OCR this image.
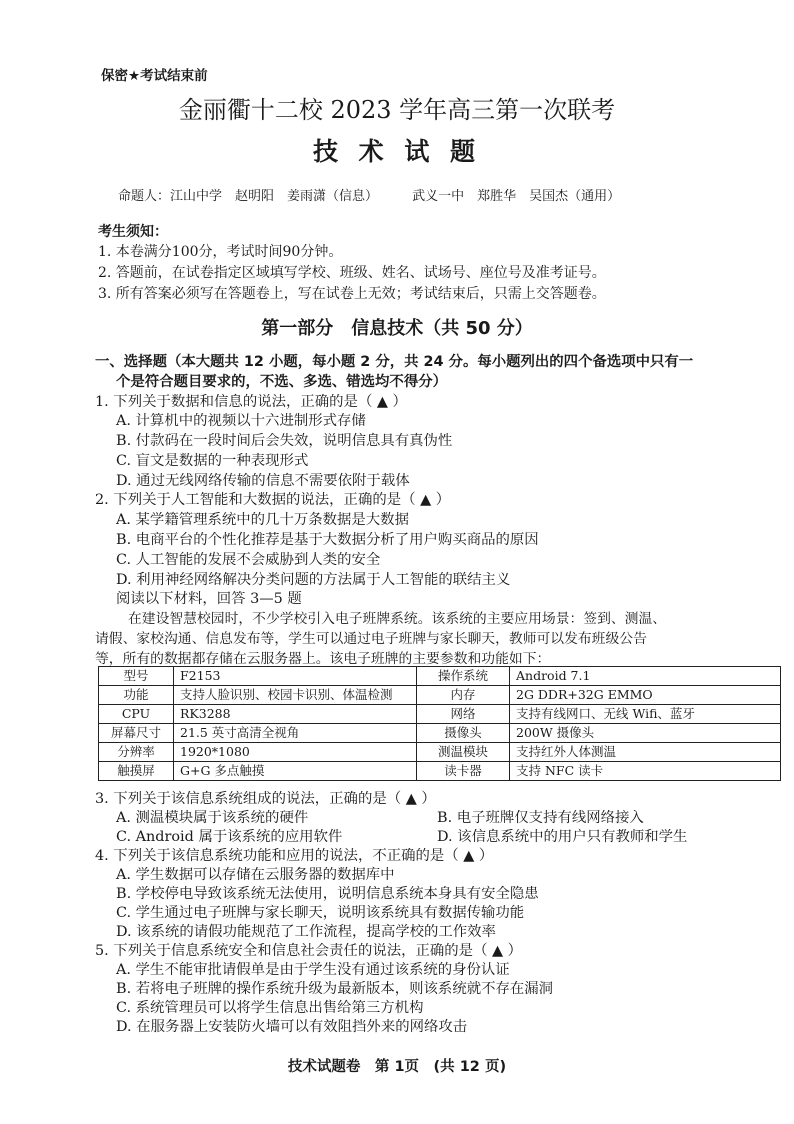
保密★考试结束前
金丽衢十二校 2023 学年高三第一次联考
技 术 试 题
命题人：江山中学　赵明阳　姜雨潇（信息）	武义一中　郑胜华　吴国杰（通用）
考生须知：
1. 本卷满分100分，考试时间90分钟。
2. 答题前，在试卷指定区域填写学校、班级、姓名、试场号、座位号及准考证号。
3. 所有答案必须写在答题卷上，写在试卷上无效；考试结束后，只需上交答题卷。
第一部分　信息技术（共 50 分）
一、选择题（本大题共 12 小题，每小题 2 分，共 24 分。每小题列出的四个备选项中只有一
个是符合题目要求的，不选、多选、错选均不得分）
1. 下列关于数据和信息的说法，正确的是（ ▲ ）
A. 计算机中的视频以十六进制形式存储
B. 付款码在一段时间后会失效，说明信息具有真伪性
C. 盲文是数据的一种表现形式
D. 通过无线网络传输的信息不需要依附于载体
2. 下列关于人工智能和大数据的说法，正确的是（ ▲ ）
A. 某学籍管理系统中的几十万条数据是大数据
B. 电商平台的个性化推荐是基于大数据分析了用户购买商品的原因
C. 人工智能的发展不会威胁到人类的安全
D. 利用神经网络解决分类问题的方法属于人工智能的联结主义
阅读以下材料，回答 3—5 题
在建设智慧校园时，不少学校引入电子班牌系统。该系统的主要应用场景：签到、测温、
请假、家校沟通、信息发布等，学生可以通过电子班牌与家长聊天，教师可以发布班级公告
等，所有的数据都存储在云服务器上。该电子班牌的主要参数和功能如下：
型号	F2153	操作系统	Android 7.1
功能	支持人脸识别、校园卡识别、体温检测	内存	2G DDR+32G EMMO
CPU	RK3288	网络	支持有线网口、无线 Wifi、蓝牙
屏幕尺寸	21.5 英寸高清全视角	摄像头	200W 摄像头
分辨率	1920*1080	测温模块	支持红外人体测温
触摸屏	G+G 多点触摸	读卡器	支持 NFC 读卡
3. 下列关于该信息系统组成的说法，正确的是（ ▲ ）
A. 测温模块属于该系统的硬件	B. 电子班牌仅支持有线网络接入
C. Android 属于该系统的应用软件	D. 该信息系统中的用户只有教师和学生
4. 下列关于该信息系统功能和应用的说法，不正确的是（ ▲ ）
A. 学生数据可以存储在云服务器的数据库中
B. 学校停电导致该系统无法使用，说明信息系统本身具有安全隐患
C. 学生通过电子班牌与家长聊天，说明该系统具有数据传输功能
D. 该系统的请假功能规范了工作流程，提高学校的工作效率
5. 下列关于信息系统安全和信息社会责任的说法，正确的是（ ▲ ）
A. 学生不能审批请假单是由于学生没有通过该系统的身份认证
B. 若将电子班牌的操作系统升级为最新版本，则该系统就不存在漏洞
C. 系统管理员可以将学生信息出售给第三方机构
D. 在服务器上安装防火墙可以有效阻挡外来的网络攻击
技术试题卷　第 1页　(共 12 页)
